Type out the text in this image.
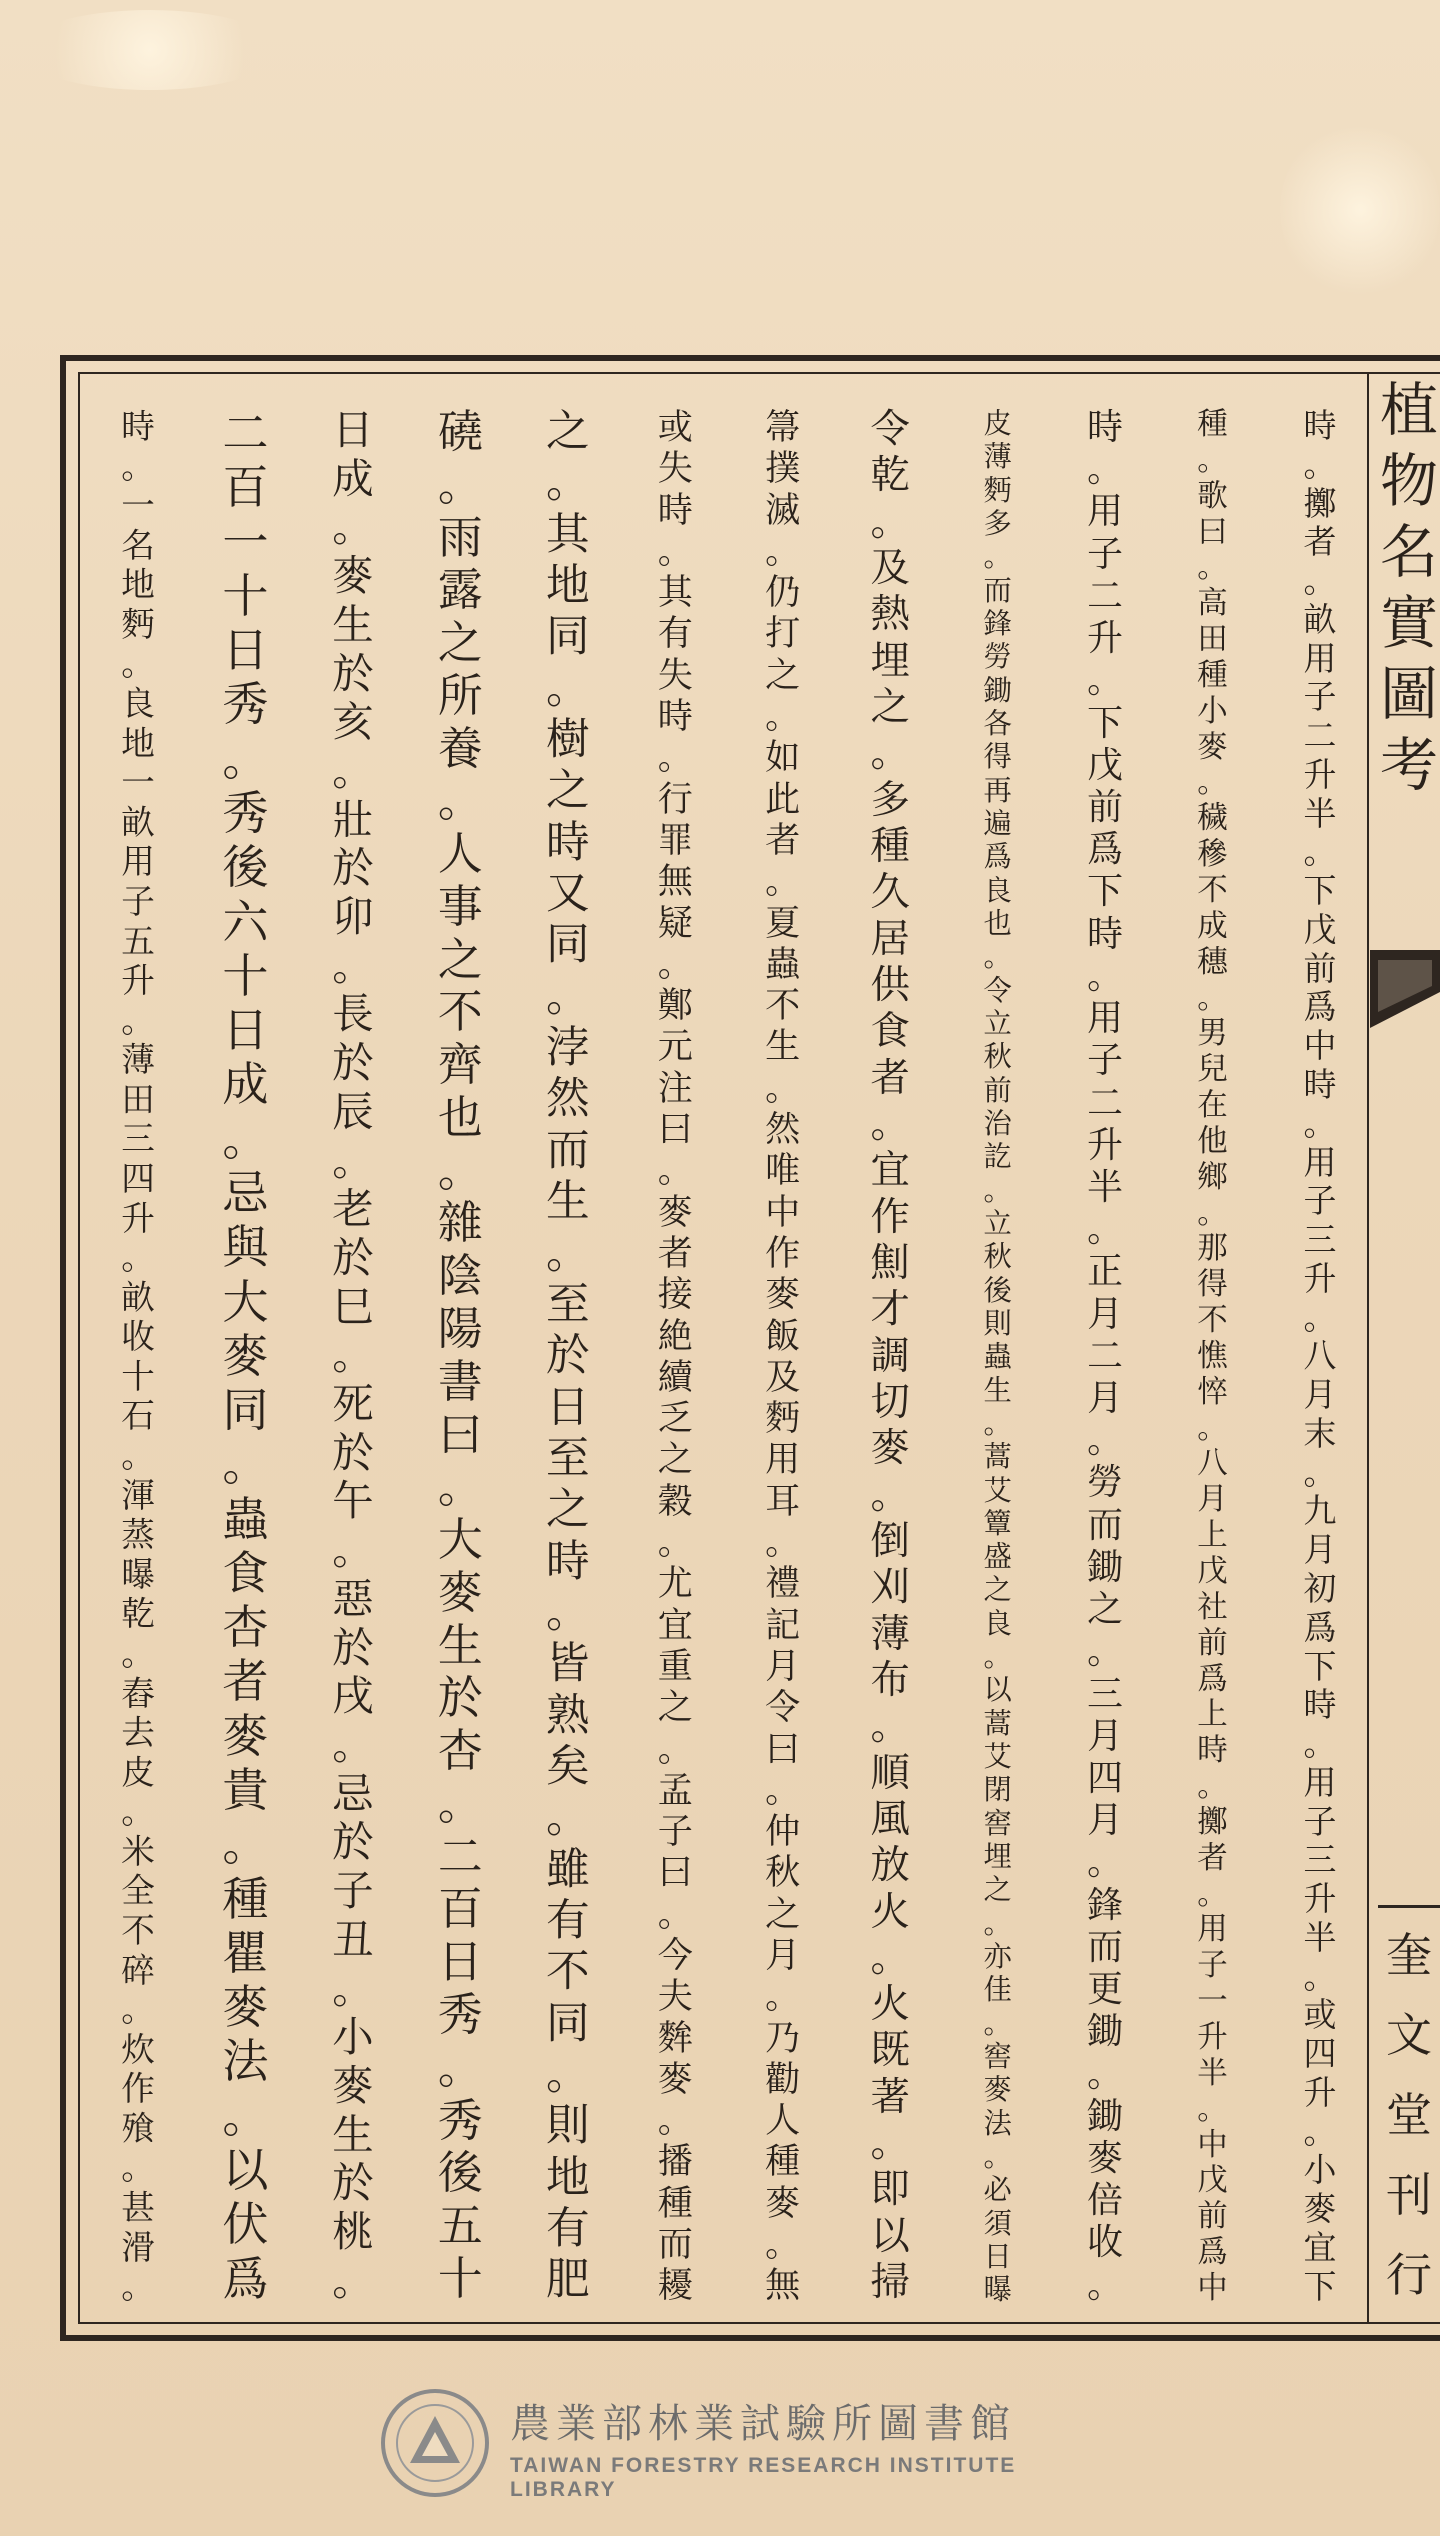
植
物
名
實
圖
考
奎
文
堂
刊
行
時
。
擲
者
。
畝
用
子
二
升
半
。
下
戊
前
爲
中
時
。
用
子
三
升
。
八
月
末
。
九
月
初
爲
下
時
。
用
子
三
升
半
。
或
四
升
。
小
麥
宜
下
種
。
歌
曰
。
高
田
種
小
麥
。
穢
穇
不
成
穗
。
男
兒
在
他
鄉
。
那
得
不
憔
悴
。
八
月
上
戊
社
前
爲
上
時
。
擲
者
。
用
子
一
升
半
。
中
戊
前
爲
中
時
。
用
子
二
升
。
下
戊
前
爲
下
時
。
用
子
二
升
半
。
正
月
二
月
。
勞
而
鋤
之
。
三
月
四
月
。
鋒
而
更
鋤
。
鋤
麥
倍
收
。
皮
薄
麪
多
。
而
鋒
勞
鋤
各
得
再
遍
爲
良
也
。
令
立
秋
前
治
訖
。
立
秋
後
則
蟲
生
。
蒿
艾
簟
盛
之
良
。
以
蒿
艾
閉
窖
埋
之
。
亦
佳
。
窖
麥
法
。
必
須
日
曝
令
乾
。
及
熱
埋
之
。
多
種
久
居
供
食
者
。
宜
作
劁
才
調
切
麥
。
倒
刈
薄
布
。
順
風
放
火
。
火
既
著
。
即
以
掃
箒
撲
滅
。
仍
打
之
。
如
此
者
。
夏
蟲
不
生
。
然
唯
中
作
麥
飯
及
麪
用
耳
。
禮
記
月
令
曰
。
仲
秋
之
月
。
乃
勸
人
種
麥
。
無
或
失
時
。
其
有
失
時
。
行
罪
無
疑
。
鄭
元
注
曰
。
麥
者
接
絶
續
乏
之
穀
。
尤
宜
重
之
。
孟
子
曰
。
今
夫
麰
麥
。
播
種
而
耰
之
。
其
地
同
。
樹
之
時
又
同
。
浡
然
而
生
。
至
於
日
至
之
時
。
皆
熟
矣
。
雖
有
不
同
。
則
地
有
肥
磽
。
雨
露
之
所
養
。
人
事
之
不
齊
也
。
雜
陰
陽
書
曰
。
大
麥
生
於
杏
。
二
百
日
秀
。
秀
後
五
十
日
成
。
麥
生
於
亥
。
壯
於
卯
。
長
於
辰
。
老
於
巳
。
死
於
午
。
惡
於
戌
。
忌
於
子
丑
。
小
麥
生
於
桃
。
二
百
一
十
日
秀
。
秀
後
六
十
日
成
。
忌
與
大
麥
同
。
蟲
食
杏
者
麥
貴
。
種
瞿
麥
法
。
以
伏
爲
時
。
一
名
地
麪
。
良
地
一
畝
用
子
五
升
。
薄
田
三
四
升
。
畝
收
十
石
。
渾
蒸
曝
乾
。
舂
去
皮
。
米
全
不
碎
。
炊
作
飱
。
甚
滑
。
農業部林業試驗所圖書館
TAIWAN FORESTRY RESEARCH INSTITUTE LIBRARY
